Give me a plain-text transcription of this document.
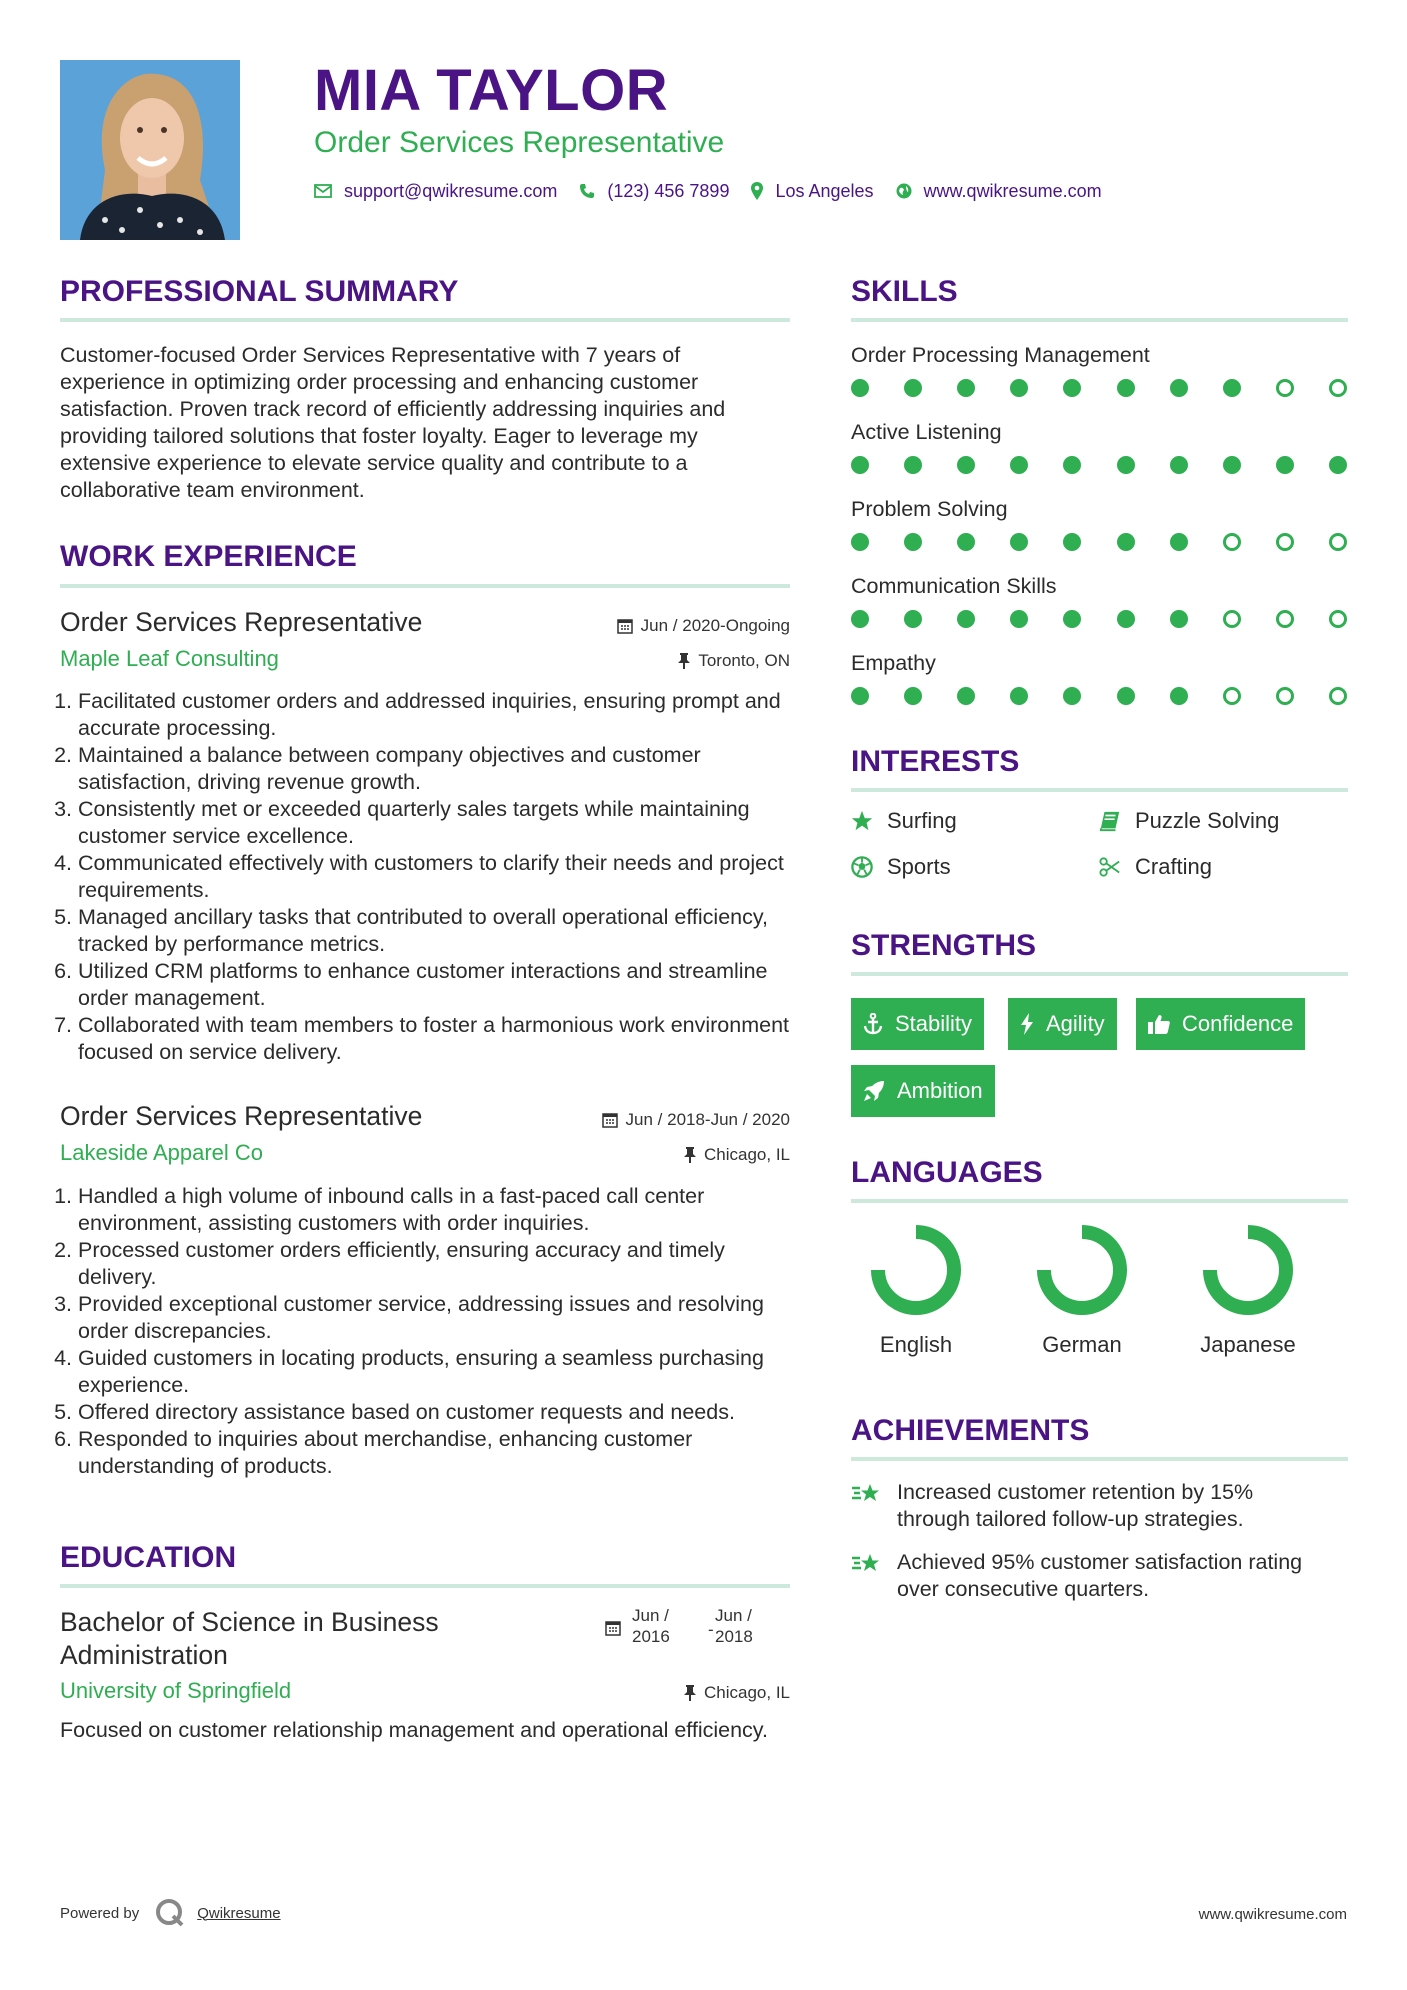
MIA TAYLOR
Order Services Representative
support@qwikresume.com	(123) 456 7899	Los Angeles	www.qwikresume.com
PROFESSIONAL SUMMARY
Customer-focused Order Services Representative with 7 years of experience in optimizing order processing and enhancing customer satisfaction. Proven track record of efficiently addressing inquiries and providing tailored solutions that foster loyalty. Eager to leverage my extensive experience to elevate service quality and contribute to a collaborative team environment.
WORK EXPERIENCE
Order Services Representative	Jun / 2020-Ongoing
Maple Leaf Consulting	Toronto, ON
1. Facilitated customer orders and addressed inquiries, ensuring prompt and accurate processing.
2. Maintained a balance between company objectives and customer satisfaction, driving revenue growth.
3. Consistently met or exceeded quarterly sales targets while maintaining customer service excellence.
4. Communicated effectively with customers to clarify their needs and project requirements.
5. Managed ancillary tasks that contributed to overall operational efficiency, tracked by performance metrics.
6. Utilized CRM platforms to enhance customer interactions and streamline order management.
7. Collaborated with team members to foster a harmonious work environment focused on service delivery.
Order Services Representative	Jun / 2018-Jun / 2020
Lakeside Apparel Co	Chicago, IL
1. Handled a high volume of inbound calls in a fast-paced call center environment, assisting customers with order inquiries.
2. Processed customer orders efficiently, ensuring accuracy and timely delivery.
3. Provided exceptional customer service, addressing issues and resolving order discrepancies.
4. Guided customers in locating products, ensuring a seamless purchasing experience.
5. Offered directory assistance based on customer requests and needs.
6. Responded to inquiries about merchandise, enhancing customer understanding of products.
EDUCATION
Bachelor of Science in Business
Administration
Jun /
2016 -
Jun /
2018
University of Springfield	Chicago, IL
Focused on customer relationship management and operational efficiency.
SKILLS
Order Processing Management
Active Listening
Problem Solving
Communication Skills
Empathy
INTERESTS
Surfing	Puzzle Solving
Sports	Crafting
STRENGTHS
Stability	Agility	Confidence
Ambition
LANGUAGES
English	German	Japanese
ACHIEVEMENTS
Increased customer retention by 15%
through tailored follow-up strategies.
Achieved 95% customer satisfaction rating
over consecutive quarters.
Powered by	Qwikresume	www.qwikresume.com
